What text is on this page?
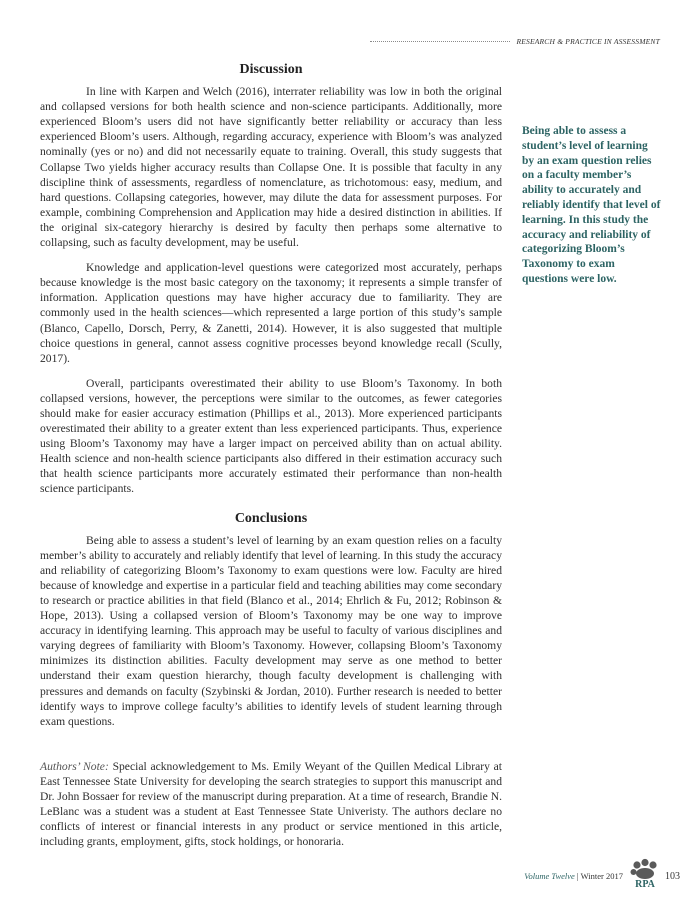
RESEARCH & PRACTICE IN ASSESSMENT
Discussion

In line with Karpen and Welch (2016), interrater reliability was low in both the original and collapsed versions for both health science and non-science participants. Additionally, more experienced Bloom’s users did not have significantly better reliability or accuracy than less experienced Bloom’s users. Although, regarding accuracy, experience with Bloom’s was analyzed nominally (yes or no) and did not necessarily equate to training. Overall, this study suggests that Collapse Two yields higher accuracy results than Collapse One. It is possible that faculty in any discipline think of assessments, regardless of nomenclature, as trichotomous: easy, medium, and hard questions. Collapsing categories, however, may dilute the data for assessment purposes. For example, combining Comprehension and Application may hide a desired distinction in abilities. If the original six-category hierarchy is desired by faculty then perhaps some alternative to collapsing, such as faculty development, may be useful.

Knowledge and application-level questions were categorized most accurately, perhaps because knowledge is the most basic category on the taxonomy; it represents a simple transfer of information. Application questions may have higher accuracy due to familiarity. They are commonly used in the health sciences—which represented a large portion of this study’s sample (Blanco, Capello, Dorsch, Perry, & Zanetti, 2014). However, it is also suggested that multiple choice questions in general, cannot assess cognitive processes beyond knowledge recall (Scully, 2017).

Overall, participants overestimated their ability to use Bloom’s Taxonomy. In both collapsed versions, however, the perceptions were similar to the outcomes, as fewer categories should make for easier accuracy estimation (Phillips et al., 2013). More experienced participants overestimated their ability to a greater extent than less experienced participants. Thus, experience using Bloom’s Taxonomy may have a larger impact on perceived ability than on actual ability. Health science and non-health science participants also differed in their estimation accuracy such that health science participants more accurately estimated their performance than non-health science participants.

Conclusions

Being able to assess a student’s level of learning by an exam question relies on a faculty member’s ability to accurately and reliably identify that level of learning. In this study the accuracy and reliability of categorizing Bloom’s Taxonomy to exam questions were low. Faculty are hired because of knowledge and expertise in a particular field and teaching abilities may come secondary to research or practice abilities in that field (Blanco et al., 2014; Ehrlich & Fu, 2012; Robinson & Hope, 2013). Using a collapsed version of Bloom’s Taxonomy may be one way to improve accuracy in identifying learning. This approach may be useful to faculty of various disciplines and varying degrees of familiarity with Bloom’s Taxonomy. However, collapsing Bloom’s Taxonomy minimizes its distinction abilities. Faculty development may serve as one method to better understand their exam question hierarchy, though faculty development is challenging with pressures and demands on faculty (Szybinski & Jordan, 2010). Further research is needed to better identify ways to improve college faculty’s abilities to identify levels of student learning through exam questions.

Authors’ Note: Special acknowledgement to Ms. Emily Weyant of the Quillen Medical Library at East Tennessee State University for developing the search strategies to support this manuscript and Dr. John Bossaer for review of the manuscript during preparation. At a time of research, Brandie N. LeBlanc was a student was a student at East Tennessee State Univeristy. The authors declare no conflicts of interest or financial interests in any product or service mentioned in this article, including grants, employment, gifts, stock holdings, or honoraria.

Being able to assess a student’s level of learning by an exam question relies on a faculty member’s ability to accurately and reliably identify that level of learning. In this study the accuracy and reliability of categorizing Bloom’s Taxonomy to exam questions were low.
Volume Twelve | Winter 2017
RPA
103
